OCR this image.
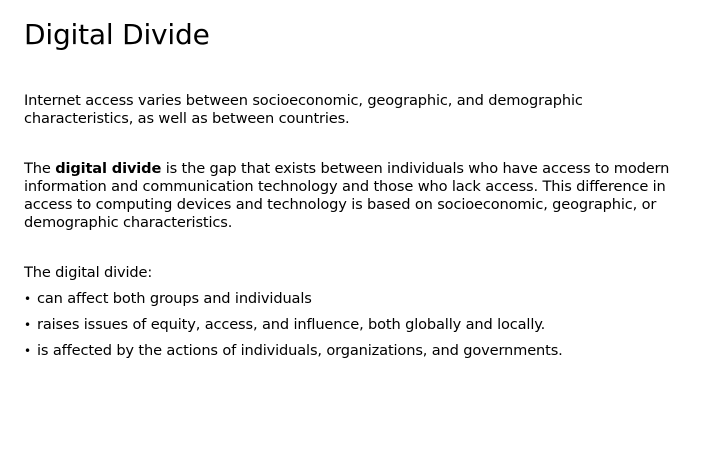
Digital Divide

Internet access varies between socioeconomic, geographic, and demographic characteristics, as well as between countries.

The digital divide is the gap that exists between individuals who have access to modern information and communication technology and those who lack access. This difference in access to computing devices and technology is based on socioeconomic, geographic, or demographic characteristics.

The digital divide:

• can affect both groups and individuals
• raises issues of equity, access, and influence, both globally and locally.
• is affected by the actions of individuals, organizations, and governments.
